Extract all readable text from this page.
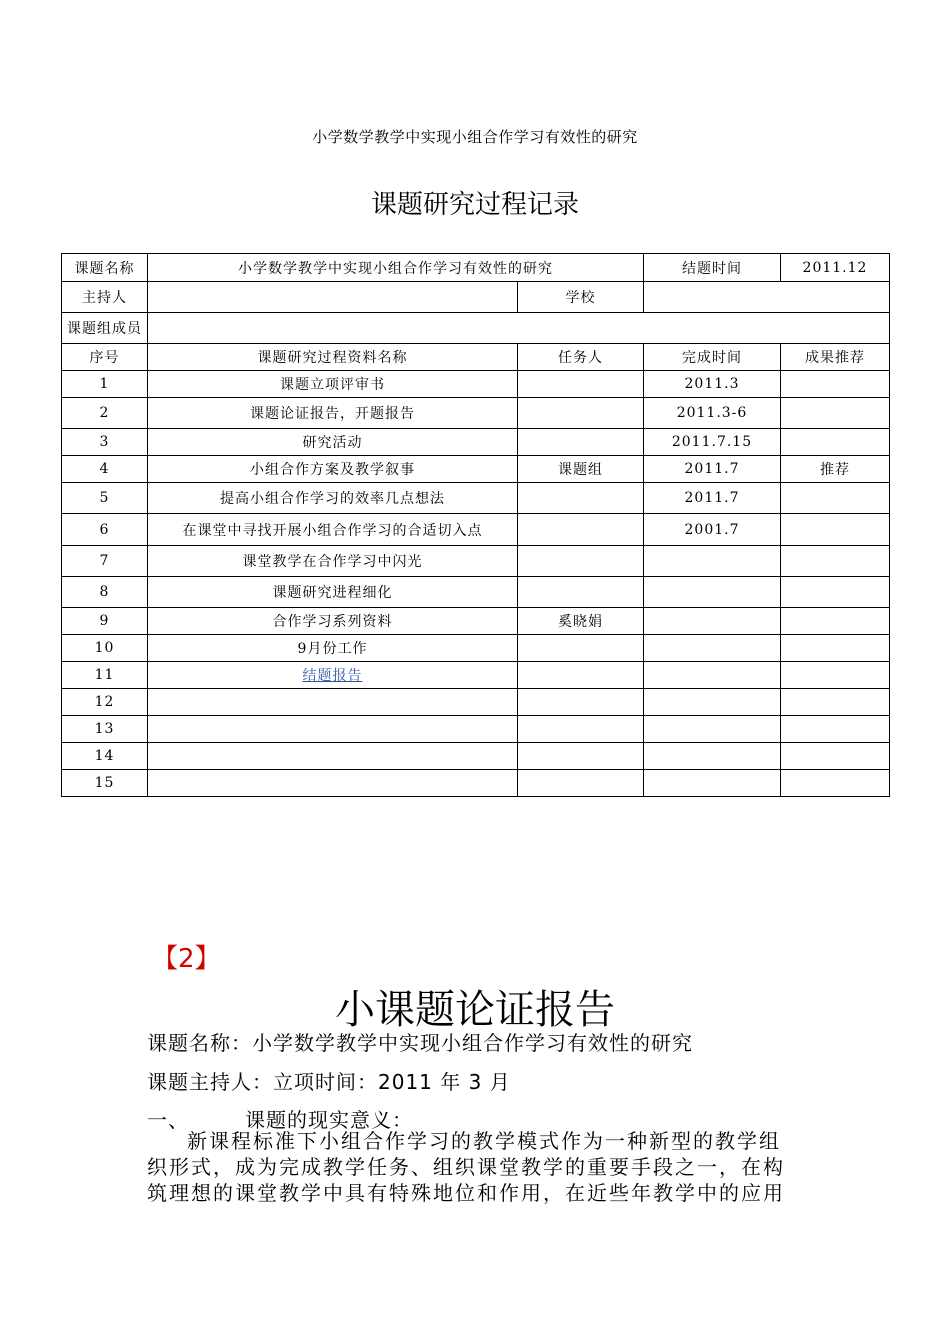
小学数学教学中实现小组合作学习有效性的研究
课题研究过程记录
课题名称	小学数学教学中实现小组合作学习有效性的研究		结题时间	2011.12
主持人		学校		
课题组成员				
序号	课题研究过程资料名称	任务人	完成时间	成果推荐
1	课题立项评审书		2011.3	
2	课题论证报告，开题报告		2011.3-6	
3	研究活动		2011.7.15	
4	小组合作方案及教学叙事	课题组	2011.7	推荐
5	提高小组合作学习的效率几点想法		2011.7	
6	在课堂中寻找开展小组合作学习的合适切入点		2001.7	
7	课堂教学在合作学习中闪光			
8	课题研究进程细化			
9	合作学习系列资料	奚晓娟		
10	9月份工作			
11	结题报告			
12				
13				
14				
15				
【2】
小课题论证报告
课题名称：小学数学教学中实现小组合作学习有效性的研究
课题主持人：立项时间：2011 年 3 月
一、	课题的现实意义：
新课程标准下小组合作学习的教学模式作为一种新型的教学组
织形式，成为完成教学任务、组织课堂教学的重要手段之一，在构
筑理想的课堂教学中具有特殊地位和作用，在近些年教学中的应用
